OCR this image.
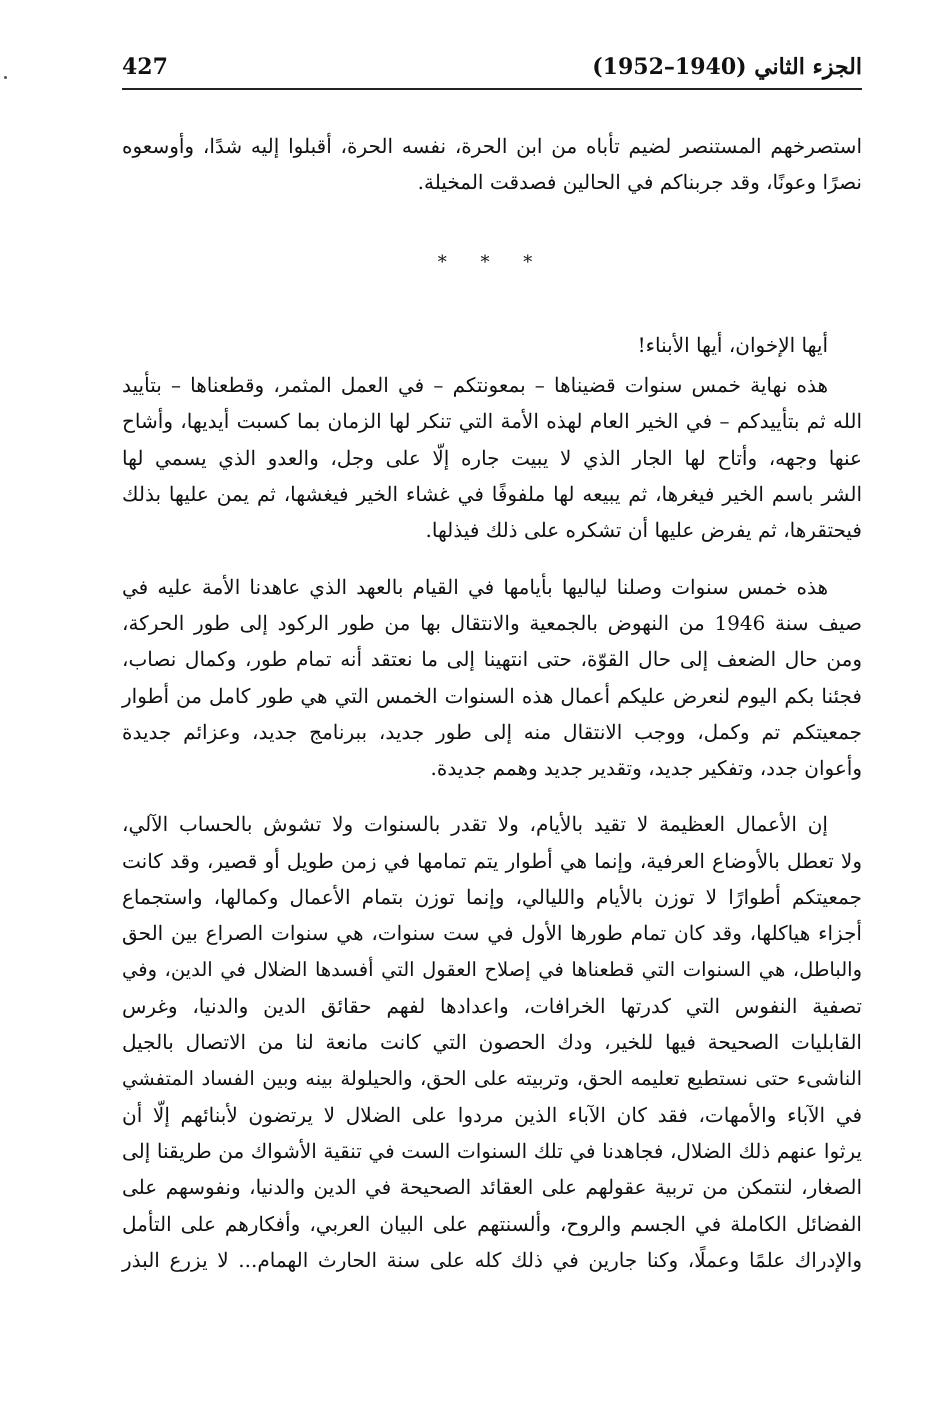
427	الجزء الثاني (1940–1952)
استصرخهم المستنصر لضيم تأباه من ابن الحرة، نفسه الحرة، أقبلوا إليه شدًا، وأوسعوه
نصرًا وعونًا، وقد جربناكم في الحالين فصدقت المخيلة.
* * *
أيها الإخوان، أيها الأبناء!
هذه نهاية خمس سنوات قضيناها – بمعونتكم – في العمل المثمر، وقطعناها – بتأييد
الله ثم بتأييدكم – في الخير العام لهذه الأمة التي تنكر لها الزمان بما كسبت أيديها، وأشاح
عنها وجهه، وأتاح لها الجار الذي لا يبيت جاره إلّا على وجل، والعدو الذي يسمي لها
الشر باسم الخير فيغرها، ثم يبيعه لها ملفوفًا في غشاء الخير فيغشها، ثم يمن عليها بذلك
فيحتقرها، ثم يفرض عليها أن تشكره على ذلك فيذلها.
هذه خمس سنوات وصلنا لياليها بأيامها في القيام بالعهد الذي عاهدنا الأمة عليه في
صيف سنة 1946 من النهوض بالجمعية والانتقال بها من طور الركود إلى طور الحركة،
ومن حال الضعف إلى حال القوّة، حتى انتهينا إلى ما نعتقد أنه تمام طور، وكمال نصاب،
فجئنا بكم اليوم لنعرض عليكم أعمال هذه السنوات الخمس التي هي طور كامل من أطوار
جمعيتكم تم وكمل، ووجب الانتقال منه إلى طور جديد، ببرنامج جديد، وعزائم جديدة
وأعوان جدد، وتفكير جديد، وتقدير جديد وهمم جديدة.
إن الأعمال العظيمة لا تقيد بالأيام، ولا تقدر بالسنوات ولا تشوش بالحساب الآلي،
ولا تعطل بالأوضاع العرفية، وإنما هي أطوار يتم تمامها في زمن طويل أو قصير، وقد كانت
جمعيتكم أطوارًا لا توزن بالأيام والليالي، وإنما توزن بتمام الأعمال وكمالها، واستجماع
أجزاء هياكلها، وقد كان تمام طورها الأول في ست سنوات، هي سنوات الصراع بين الحق
والباطل، هي السنوات التي قطعناها في إصلاح العقول التي أفسدها الضلال في الدين، وفي
تصفية النفوس التي كدرتها الخرافات، واعدادها لفهم حقائق الدين والدنيا، وغرس
القابليات الصحيحة فيها للخير، ودك الحصون التي كانت مانعة لنا من الاتصال بالجيل
الناشىء حتى نستطيع تعليمه الحق، وتربيته على الحق، والحيلولة بينه وبين الفساد المتفشي
في الآباء والأمهات، فقد كان الآباء الذين مردوا على الضلال لا يرتضون لأبنائهم إلّا أن
يرثوا عنهم ذلك الضلال، فجاهدنا في تلك السنوات الست في تنقية الأشواك من طريقنا إلى
الصغار، لنتمكن من تربية عقولهم على العقائد الصحيحة في الدين والدنيا، ونفوسهم على
الفضائل الكاملة في الجسم والروح، وألسنتهم على البيان العربي، وأفكارهم على التأمل
والإدراك علمًا وعملًا، وكنا جارين في ذلك كله على سنة الحارث الهمام... لا يزرع البذر
